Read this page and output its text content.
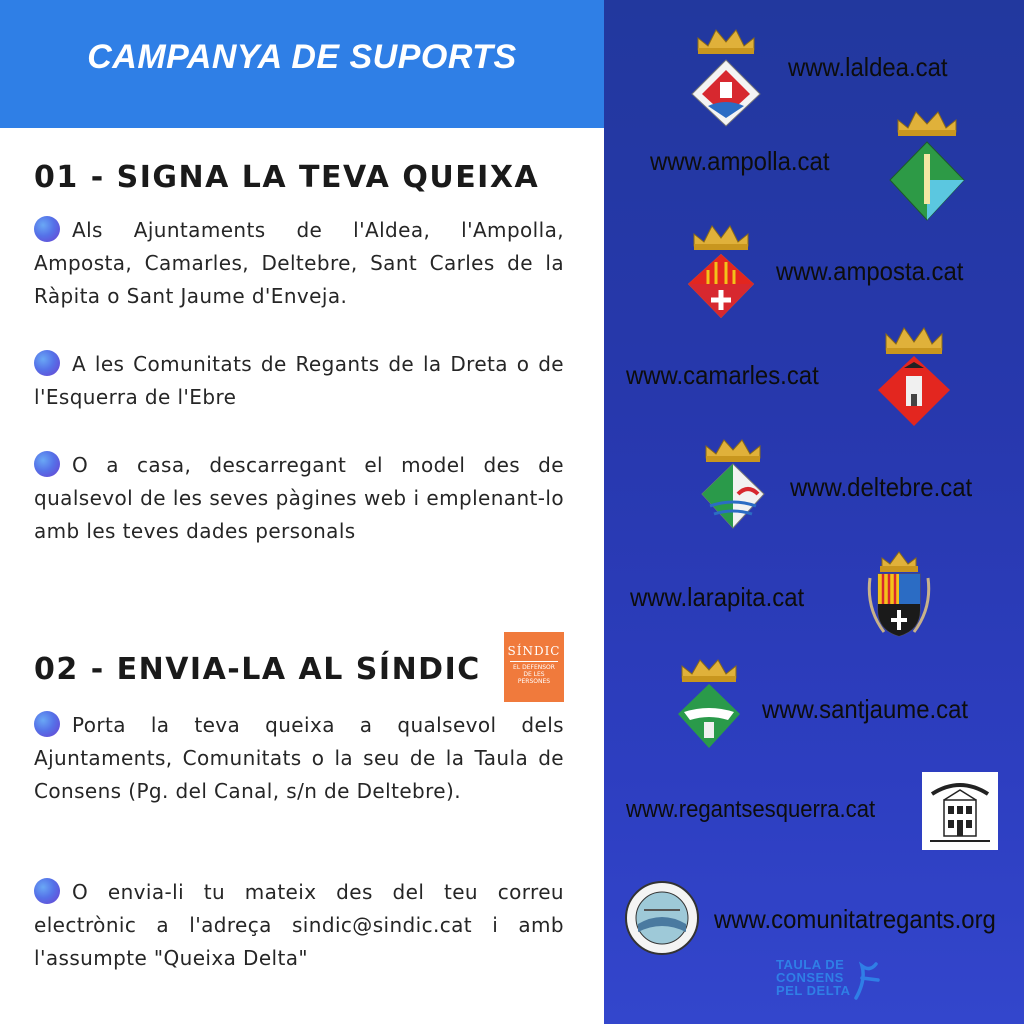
CAMPANYA DE SUPORTS
01 - SIGNA LA TEVA QUEIXA
Als Ajuntaments de l'Aldea, l'Ampolla, Amposta, Camarles, Deltebre, Sant Carles de la Ràpita o Sant Jaume d'Enveja.
A les Comunitats de Regants de la Dreta o de l'Esquerra de l'Ebre
O a casa, descarregant el model des de qualsevol de les seves pàgines web i emplenant-lo amb les teves dades personals
02 - ENVIA-LA AL SÍNDIC
SÍNDIC
EL DEFENSOR DE LES PERSONES
Porta la teva queixa a qualsevol dels Ajuntaments, Comunitats o la seu de la Taula de Consens (Pg. del Canal, s/n de Deltebre).
O envia-li tu mateix des del teu correu electrònic a l'adreça sindic@sindic.cat i amb l'assumpte "Queixa Delta"
www.laldea.cat
www.ampolla.cat
www.amposta.cat
www.camarles.cat
www.deltebre.cat
www.larapita.cat
www.santjaume.cat
www.regantsesquerra.cat
www.comunitatregants.org
TAULA DE
CONSENS
PEL DELTA
